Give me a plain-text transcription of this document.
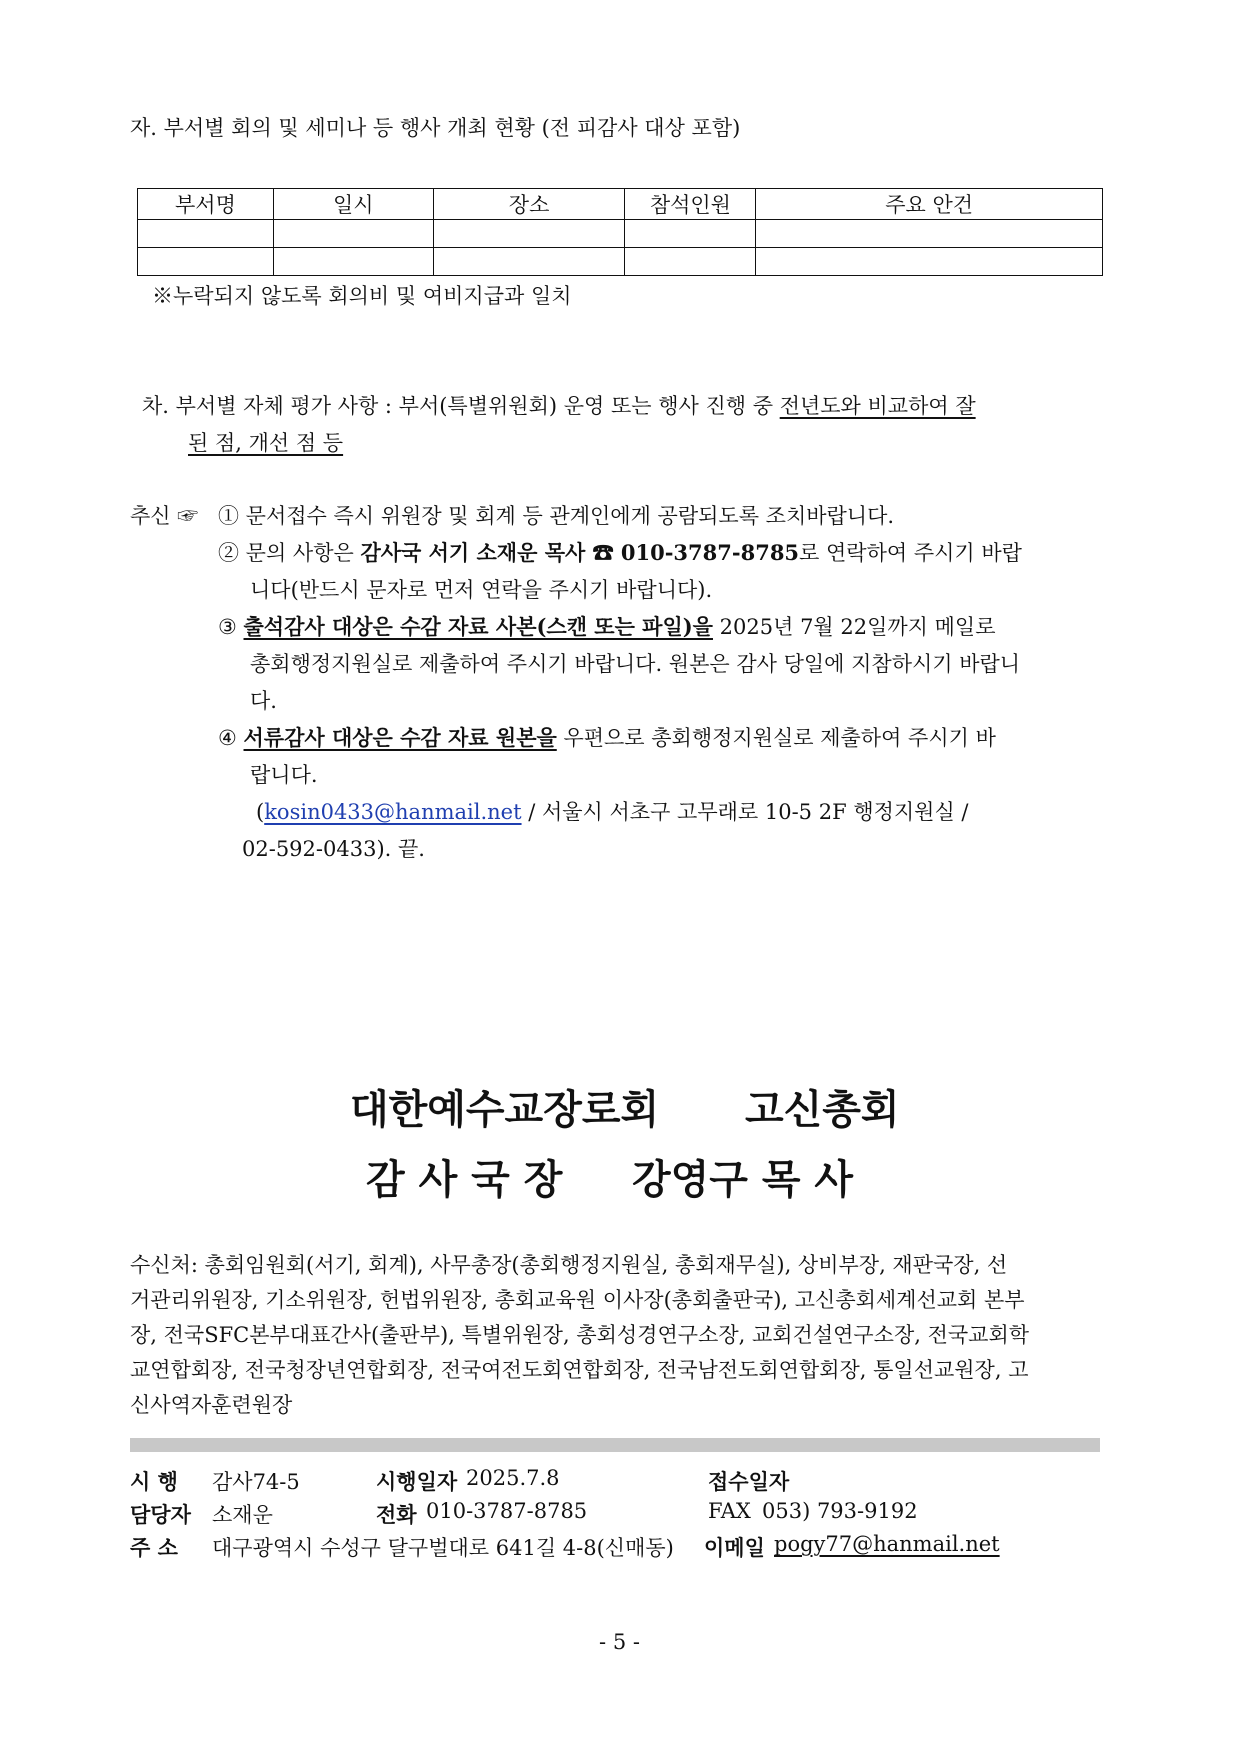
자. 부서별 회의 및 세미나 등 행사 개최 현황 (전 피감사 대상 포함)
부서명	일시	장소	참석인원	주요 안건

※누락되지 않도록 회의비 및 여비지급과 일치
차. 부서별 자체 평가 사항 : 부서(특별위원회) 운영 또는 행사 진행 중 전년도와 비교하여 잘
된 점, 개선 점 등
추신 ☞ ① 문서접수 즉시 위원장 및 회계 등 관계인에게 공람되도록 조치바랍니다.
② 문의 사항은 감사국 서기 소재운 목사 ☎ 010-3787-8785로 연락하여 주시기 바랍
니다(반드시 문자로 먼저 연락을 주시기 바랍니다).
③ 출석감사 대상은 수감 자료 사본(스캔 또는 파일)을 2025년 7월 22일까지 메일로
총회행정지원실로 제출하여 주시기 바랍니다. 원본은 감사 당일에 지참하시기 바랍니
다.
④ 서류감사 대상은 수감 자료 원본을 우편으로 총회행정지원실로 제출하여 주시기 바
랍니다.
(kosin0433@hanmail.net / 서울시 서초구 고무래로 10-5 2F 행정지원실 /
02-592-0433). 끝.
대한예수교장로회 고신총회
감 사 국 장 강영구 목 사
수신처: 총회임원회(서기, 회계), 사무총장(총회행정지원실, 총회재무실), 상비부장, 재판국장, 선
거관리위원장, 기소위원장, 헌법위원장, 총회교육원 이사장(총회출판국), 고신총회세계선교회 본부
장, 전국SFC본부대표간사(출판부), 특별위원장, 총회성경연구소장, 교회건설연구소장, 전국교회학
교연합회장, 전국청장년연합회장, 전국여전도회연합회장, 전국남전도회연합회장, 통일선교원장, 고
신사역자훈련원장
시 행 감사74-5	시행일자 2025.7.8	접수일자
담당자 소재운	전화 010-3787-8785	FAX 053) 793-9192
주 소 대구광역시 수성구 달구벌대로 641길 4-8(신매동) 이메일 pogy77@hanmail.net
- 5 -
